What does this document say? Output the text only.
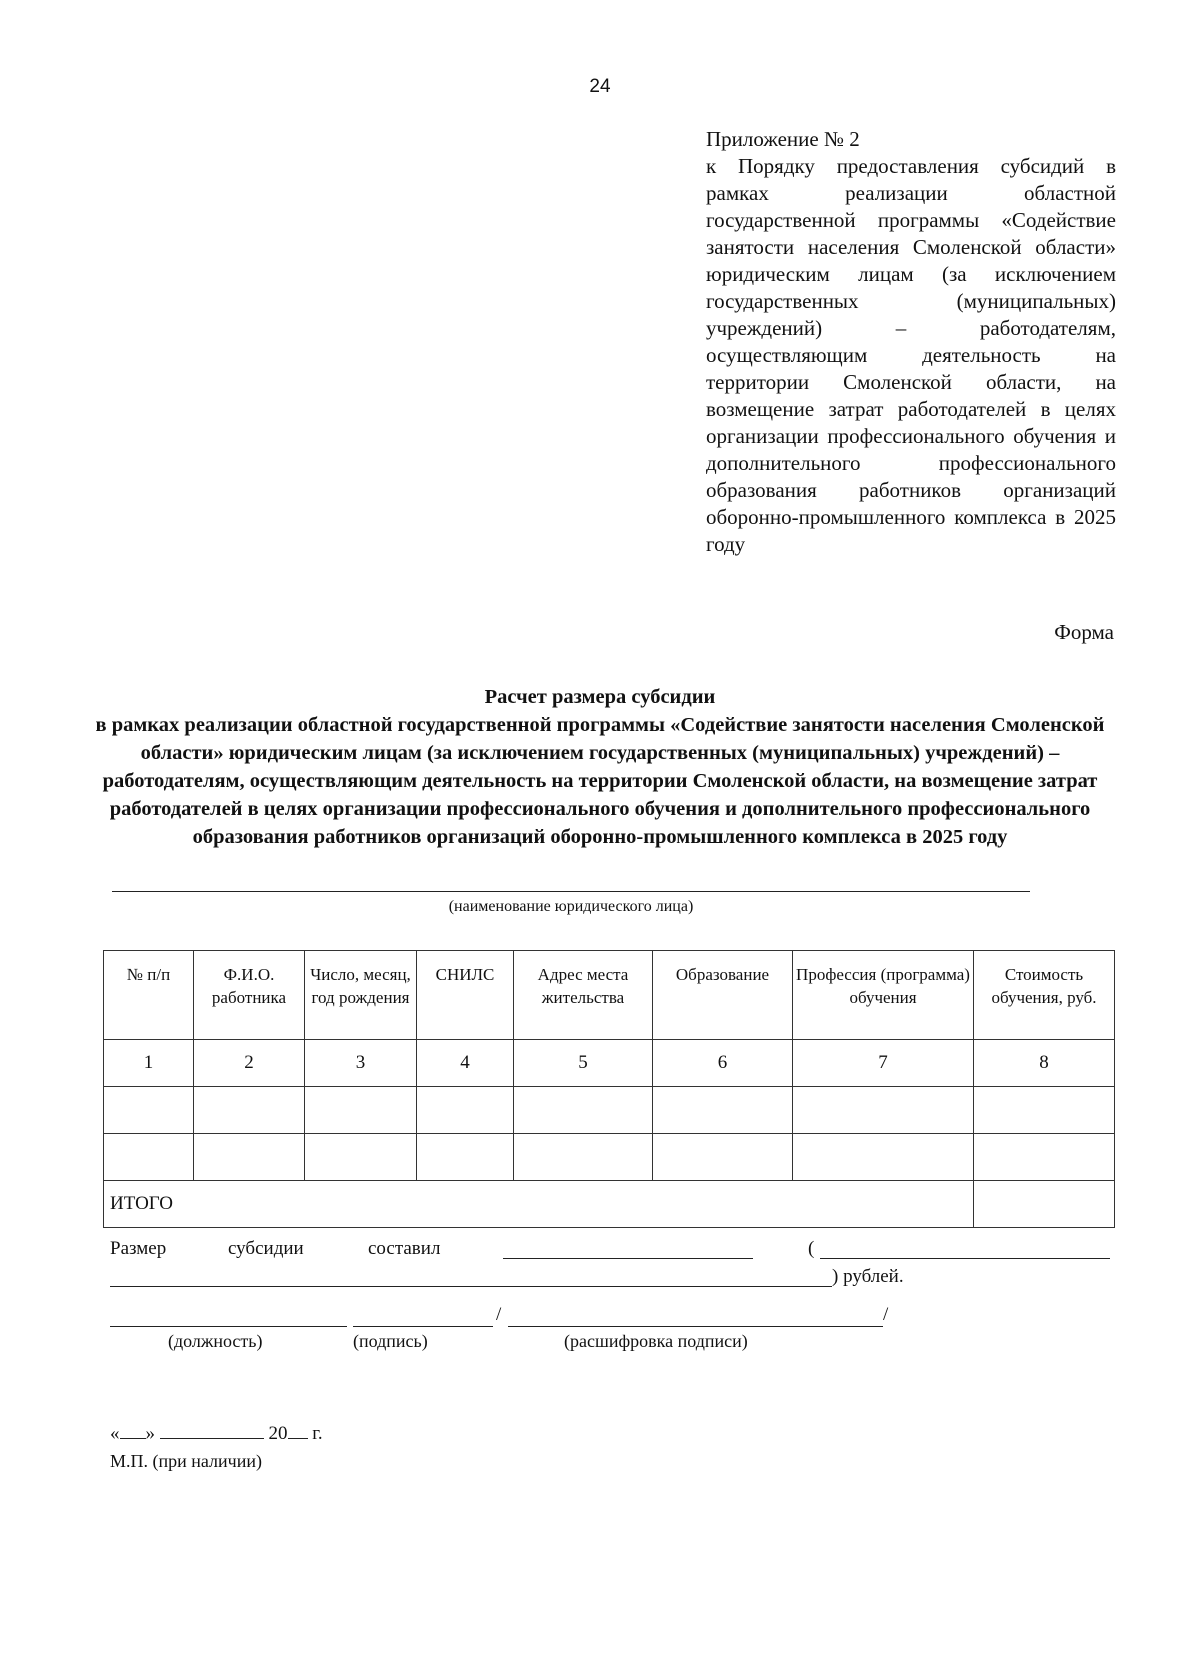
24
Приложение № 2
к Порядку предоставления субсидий в рамках реализации областной государственной программы «Содействие занятости населения Смоленской области» юридическим лицам (за исключением государственных (муниципальных) учреждений) – работодателям, осуществляющим деятельность на территории Смоленской области, на возмещение затрат работодателей в целях организации профессионального обучения и дополнительного профессионального образования работников организаций оборонно-промышленного комплекса в 2025 году
Форма
Расчет размера субсидии
в рамках реализации областной государственной программы «Содействие занятости населения Смоленской области» юридическим лицам (за исключением государственных (муниципальных) учреждений) – работодателям, осуществляющим деятельность на территории Смоленской области, на возмещение затрат работодателей в целях организации профессионального обучения и дополнительного профессионального образования работников организаций оборонно-промышленного комплекса в 2025 году
(наименование юридического лица)
№ п/п	Ф.И.О. работника	Число, месяц, год рождения	СНИЛС	Адрес места жительства	Образование	Профессия (программа) обучения	Стоимость обучения, руб.
1	2	3	4	5	6	7	8

ИТОГО							
Размер	субсидии	составил	(
) рублей.
/	/
(должность)	(подпись)	(расшифровка подписи)
« »	20 г.
М.П. (при наличии)
